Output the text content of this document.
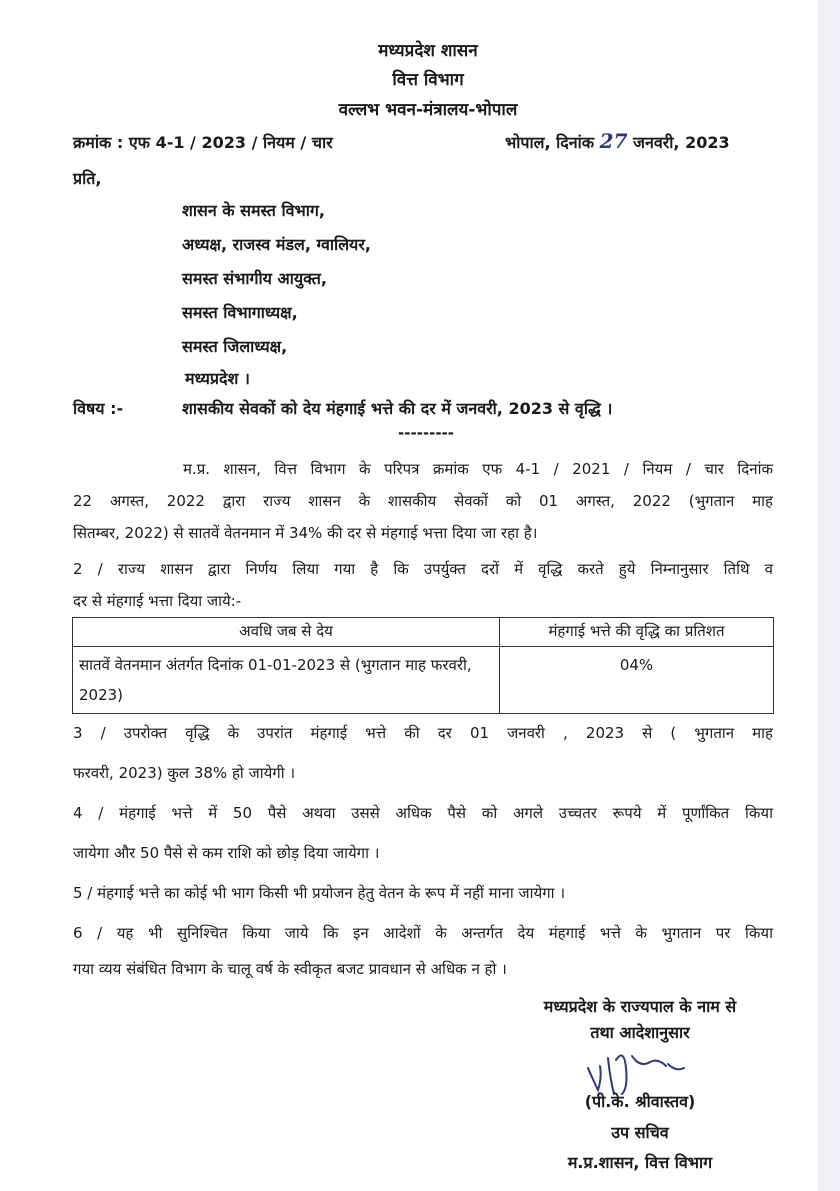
मध्यप्रदेश शासन
वित्त विभाग
वल्लभ भवन-मंत्रालय-भोपाल
क्रमांक : एफ 4-1 / 2023 / नियम / चार	भोपाल, दिनांक 27 जनवरी, 2023
प्रति,
शासन के समस्त विभाग,
अध्यक्ष, राजस्व मंडल, ग्वालियर,
समस्त संभागीय आयुक्त,
समस्त विभागाध्यक्ष,
समस्त जिलाध्यक्ष,
मध्यप्रदेश ।
विषय :-	शासकीय सेवकों को देय मंहगाई भत्ते की दर में जनवरी, 2023 से वृद्धि ।
---------
म.प्र. शासन, वित्त विभाग के परिपत्र क्रमांक एफ 4-1 / 2021 / नियम / चार दिनांक
22 अगस्त, 2022 द्वारा राज्य शासन के शासकीय सेवकों को 01 अगस्त, 2022 (भुगतान माह
सितम्बर, 2022) से सातवें वेतनमान में 34% की दर से मंहगाई भत्ता दिया जा रहा है।
2 / राज्य शासन द्वारा निर्णय लिया गया है कि उपर्युक्त दरों में वृद्धि करते हुये निम्नानुसार तिथि व
दर से मंहगाई भत्ता दिया जाये:-
अवधि जब से देय	मंहगाई भत्ते की वृद्धि का प्रतिशत
सातवें वेतनमान अंतर्गत दिनांक 01-01-2023 से (भुगतान माह फरवरी, 2023)	04%
3 / उपरोक्त वृद्धि के उपरांत मंहगाई भत्ते की दर 01 जनवरी , 2023 से ( भुगतान माह
फरवरी, 2023) कुल 38% हो जायेगी ।
4 / मंहगाई भत्ते में 50 पैसे अथवा उससे अधिक पैसे को अगले उच्चतर रूपये में पूर्णांकित किया
जायेगा और 50 पैसे से कम राशि को छोड़ दिया जायेगा ।
5 / मंहगाई भत्ते का कोई भी भाग किसी भी प्रयोजन हेतु वेतन के रूप में नहीं माना जायेगा ।
6 / यह भी सुनिश्चित किया जाये कि इन आदेशों के अन्तर्गत देय मंहगाई भत्ते के भुगतान पर किया
गया व्यय संबंधित विभाग के चालू वर्ष के स्वीकृत बजट प्रावधान से अधिक न हो ।
मध्यप्रदेश के राज्यपाल के नाम से
तथा आदेशानुसार
(पी.के. श्रीवास्तव)
उप सचिव
म.प्र.शासन, वित्त विभाग
